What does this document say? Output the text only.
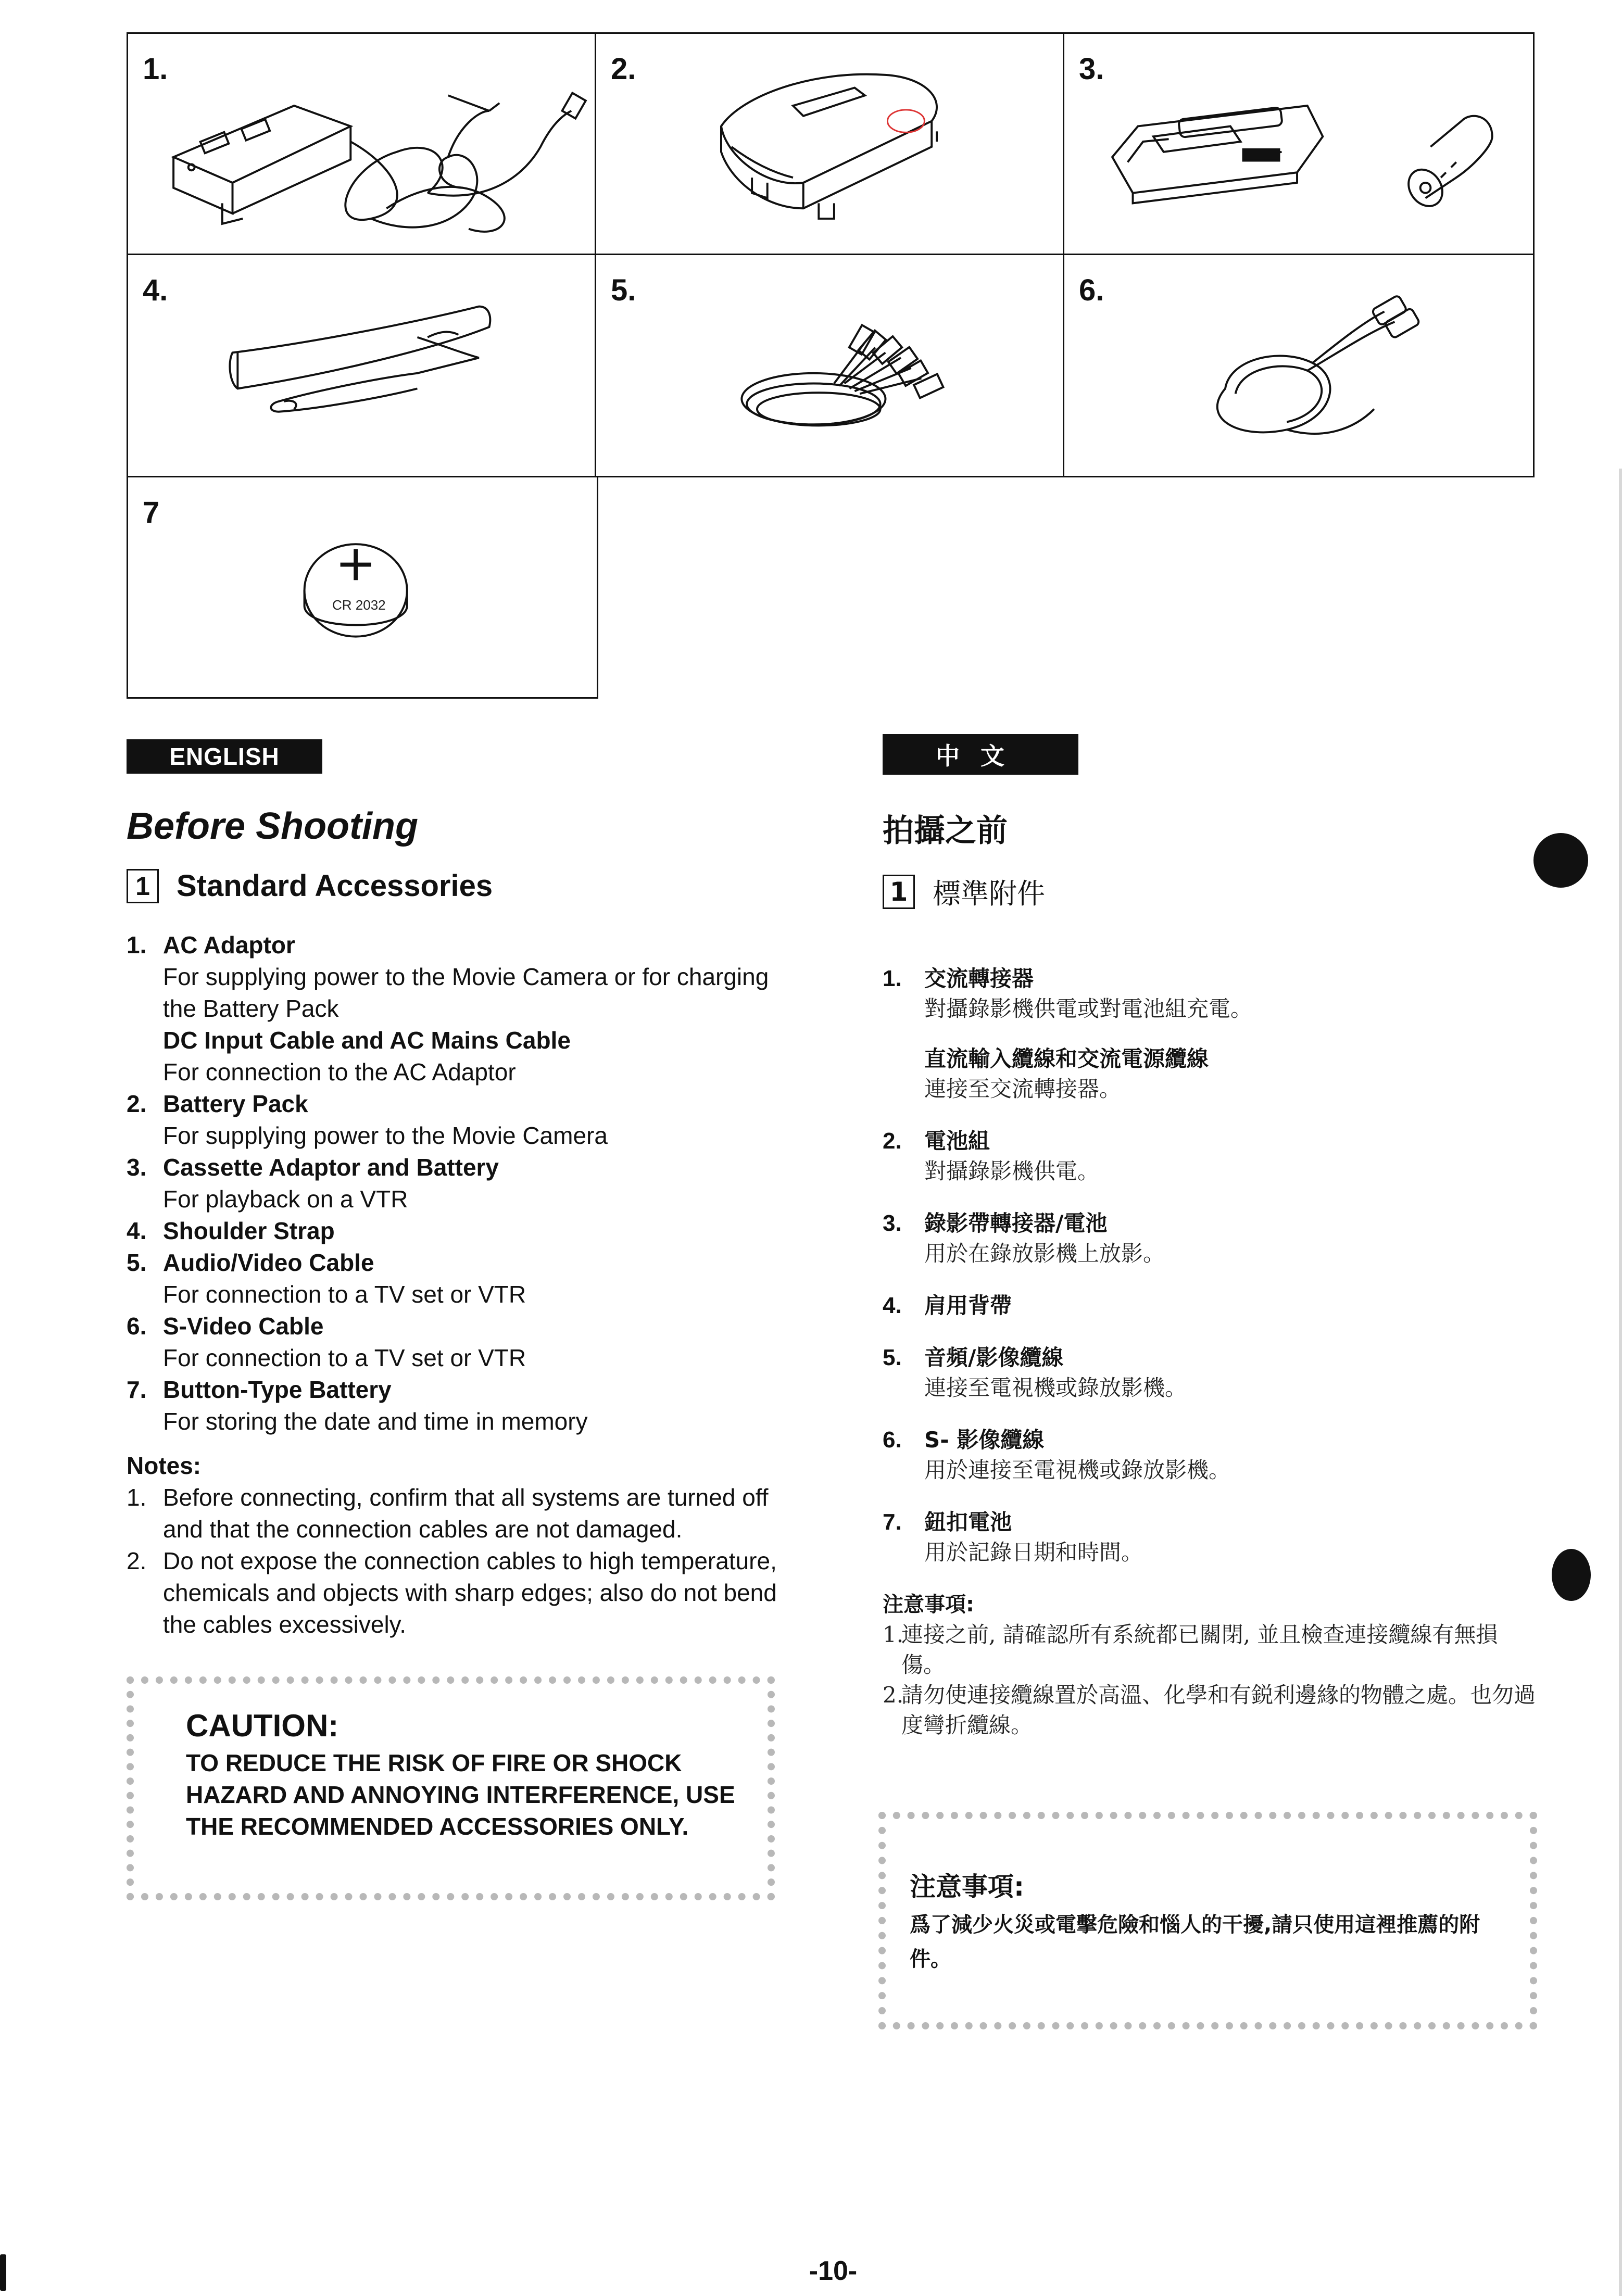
1.	2.	3.
4.	5.	6.
7
CR 2032
ENGLISH
Before Shooting
1 Standard Accessories
1. AC Adaptor
For supplying power to the Movie Camera or for charging the Battery Pack
DC Input Cable and AC Mains Cable
For connection to the AC Adaptor
2. Battery Pack
For supplying power to the Movie Camera
3. Cassette Adaptor and Battery
For playback on a VTR
4. Shoulder Strap
5. Audio/Video Cable
For connection to a TV set or VTR
6. S-Video Cable
For connection to a TV set or VTR
7. Button-Type Battery
For storing the date and time in memory
Notes:
1. Before connecting, confirm that all systems are turned off and that the connection cables are not damaged.
2. Do not expose the connection cables to high temperature, chemicals and objects with sharp edges; also do not bend the cables excessively.
CAUTION:
TO REDUCE THE RISK OF FIRE OR SHOCK HAZARD AND ANNOYING INTERFERENCE, USE THE RECOMMENDED ACCESSORIES ONLY.
中文
拍攝之前
1 標準附件
1. 交流轉接器
對攝錄影機供電或對電池組充電。
直流輸入纜線和交流電源纜線
連接至交流轉接器。
2. 電池組
對攝錄影機供電。
3. 錄影帶轉接器/電池
用於在錄放影機上放影。
4. 肩用背帶
5. 音頻/影像纜線
連接至電視機或錄放影機。
6. S- 影像纜線
用於連接至電視機或錄放影機。
7. 鈕扣電池
用於記錄日期和時間。
注意事項:
1.
連接之前, 請確認所有系統都已關閉, 並且檢查連接纜線有無損傷。
2.
請勿使連接纜線置於高溫、化學和有鋭利邊緣的物體之處。也勿過度彎折纜線。
注意事項:
爲了減少火災或電擊危險和惱人的干擾,請只使用這裡推薦的附件。
-10-
